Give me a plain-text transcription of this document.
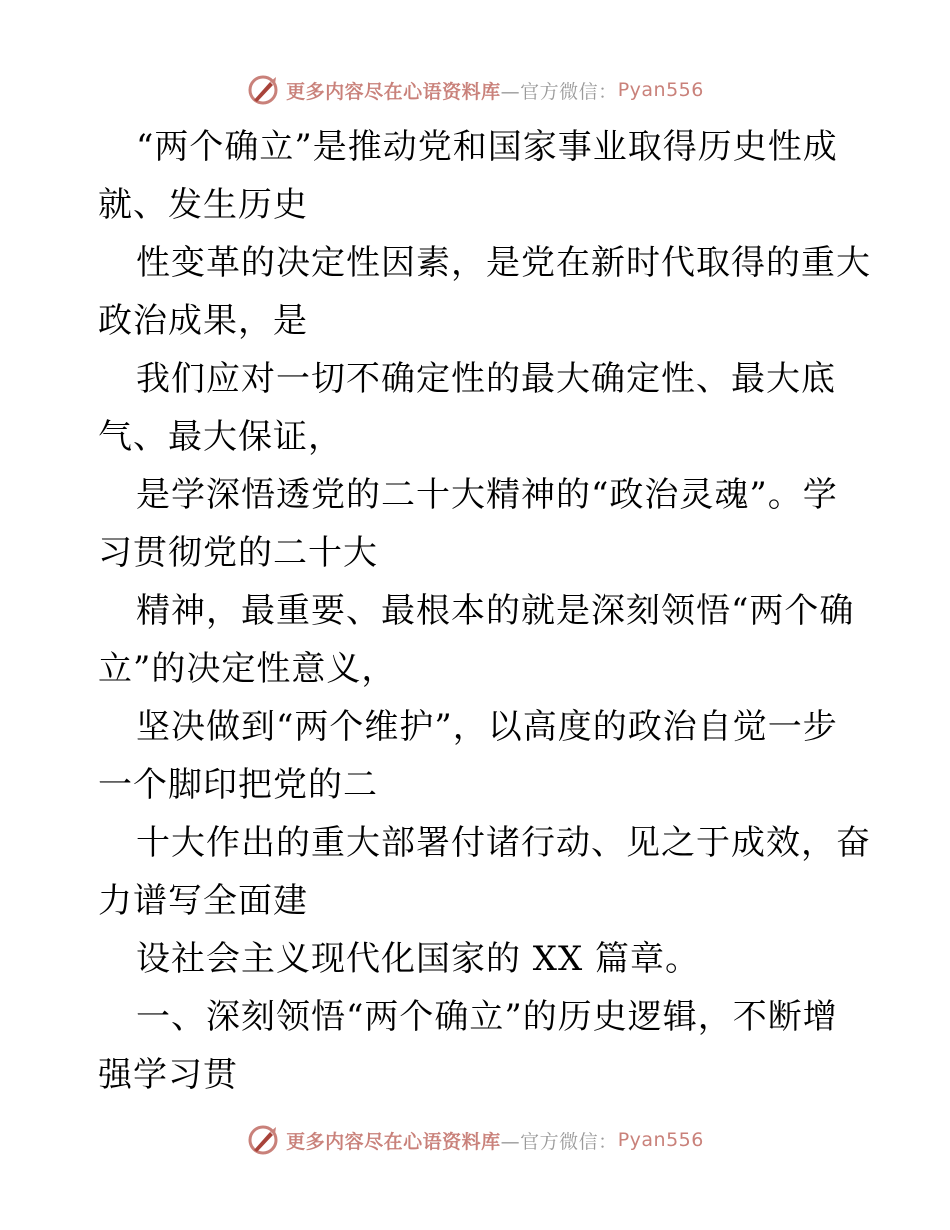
更多内容尽在心语资料库 —官方微信： Pyan556
“两个确立”是推动党和国家事业取得历史性成
就、发生历史
性变革的决定性因素，是党在新时代取得的重大
政治成果，是
我们应对一切不确定性的最大确定性、最大底
气、最大保证，
是学深悟透党的二十大精神的“政治灵魂”。学
习贯彻党的二十大
精神，最重要、最根本的就是深刻领悟“两个确
立”的决定性意义，
坚决做到“两个维护”，以高度的政治自觉一步
一个脚印把党的二
十大作出的重大部署付诸行动、见之于成效，奋
力谱写全面建
设社会主义现代化国家的 XX 篇章。
一、深刻领悟“两个确立”的历史逻辑，不断增
强学习贯
更多内容尽在心语资料库 —官方微信： Pyan556
